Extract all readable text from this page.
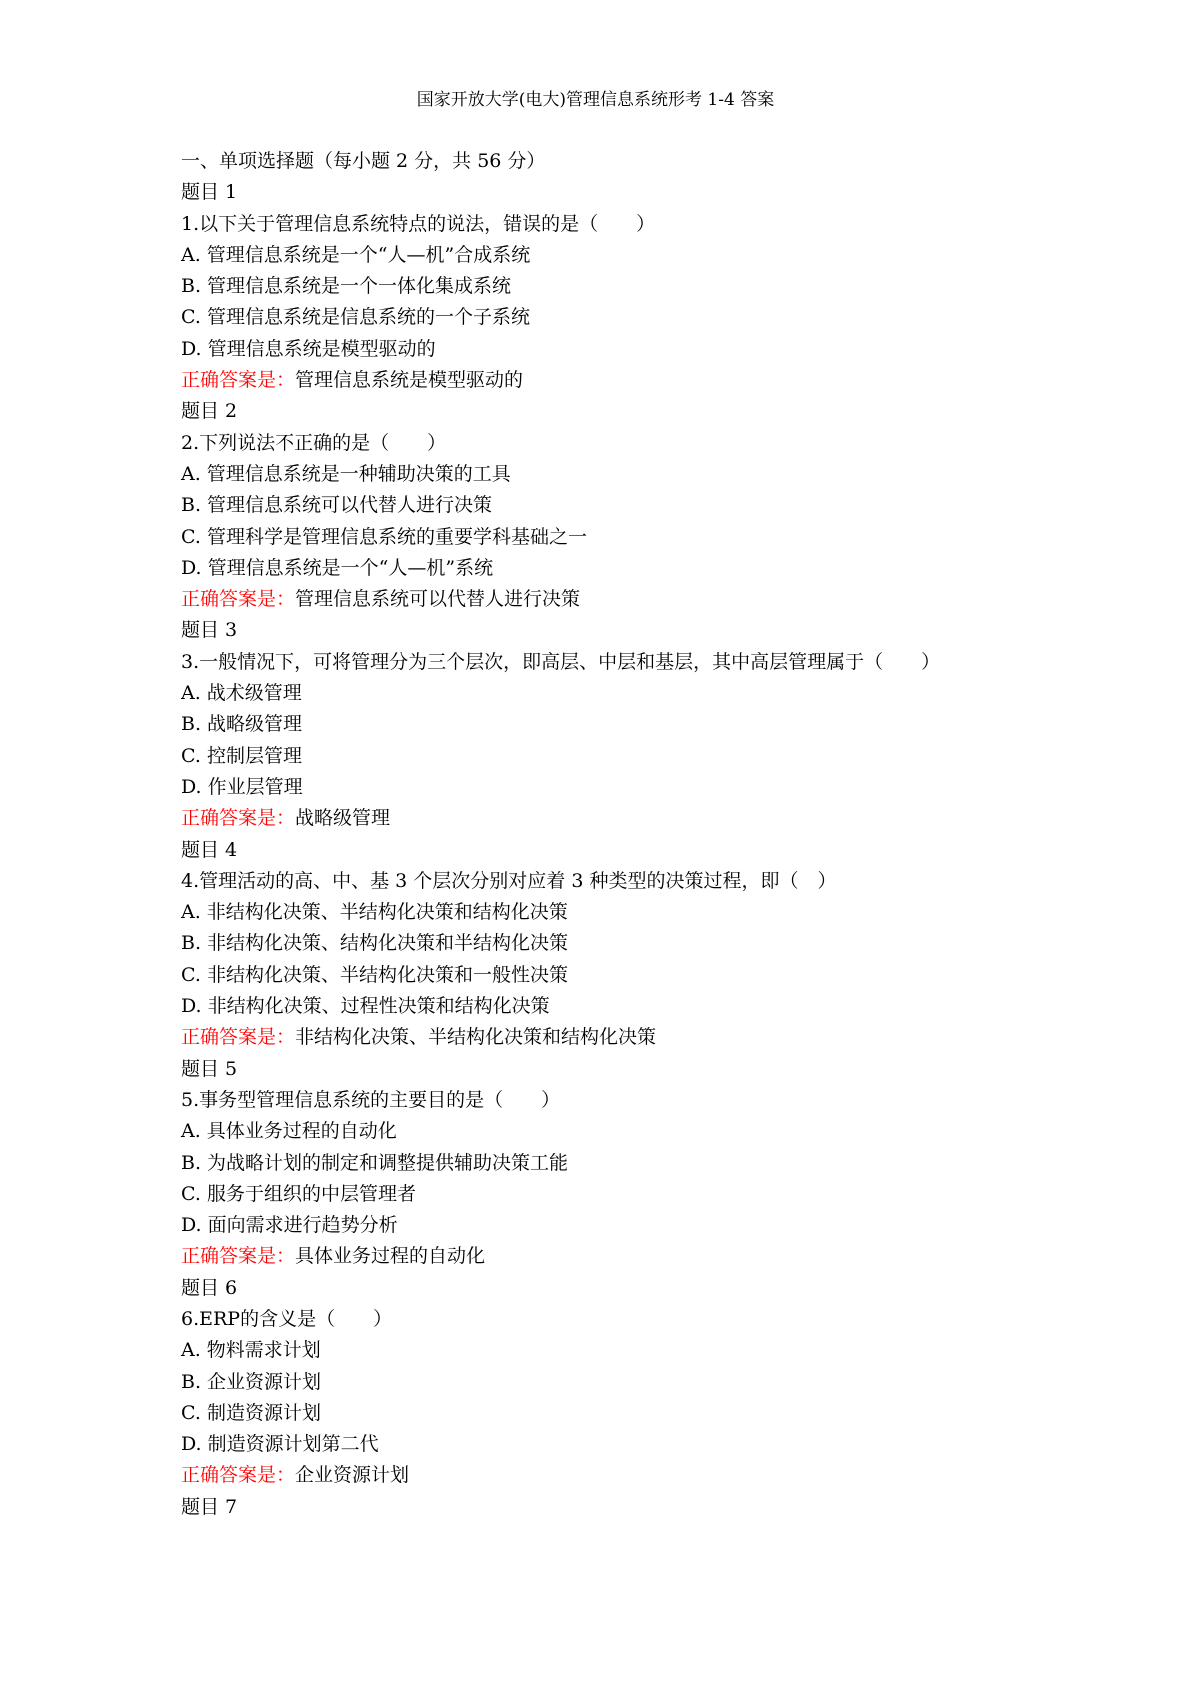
国家开放大学(电大)管理信息系统形考 1-4 答案
一、单项选择题（每小题 2 分，共 56 分）
题目 1
1.以下关于管理信息系统特点的说法，错误的是（　　）
A. 管理信息系统是一个“人—机”合成系统
B. 管理信息系统是一个一体化集成系统
C. 管理信息系统是信息系统的一个子系统
D. 管理信息系统是模型驱动的
正确答案是：管理信息系统是模型驱动的
题目 2
2.下列说法不正确的是（　　）
A. 管理信息系统是一种辅助决策的工具
B. 管理信息系统可以代替人进行决策
C. 管理科学是管理信息系统的重要学科基础之一
D. 管理信息系统是一个“人—机”系统
正确答案是：管理信息系统可以代替人进行决策
题目 3
3.一般情况下，可将管理分为三个层次，即高层、中层和基层，其中高层管理属于（　　）
A. 战术级管理
B. 战略级管理
C. 控制层管理
D. 作业层管理
正确答案是：战略级管理
题目 4
4.管理活动的高、中、基 3 个层次分别对应着 3 种类型的决策过程，即（　）
A. 非结构化决策、半结构化决策和结构化决策
B. 非结构化决策、结构化决策和半结构化决策
C. 非结构化决策、半结构化决策和一般性决策
D. 非结构化决策、过程性决策和结构化决策
正确答案是：非结构化决策、半结构化决策和结构化决策
题目 5
5.事务型管理信息系统的主要目的是（　　）
A. 具体业务过程的自动化
B. 为战略计划的制定和调整提供辅助决策工能
C. 服务于组织的中层管理者
D. 面向需求进行趋势分析
正确答案是：具体业务过程的自动化
题目 6
6.ERP的含义是（　　）
A. 物料需求计划
B. 企业资源计划
C. 制造资源计划
D. 制造资源计划第二代
正确答案是：企业资源计划
题目 7
